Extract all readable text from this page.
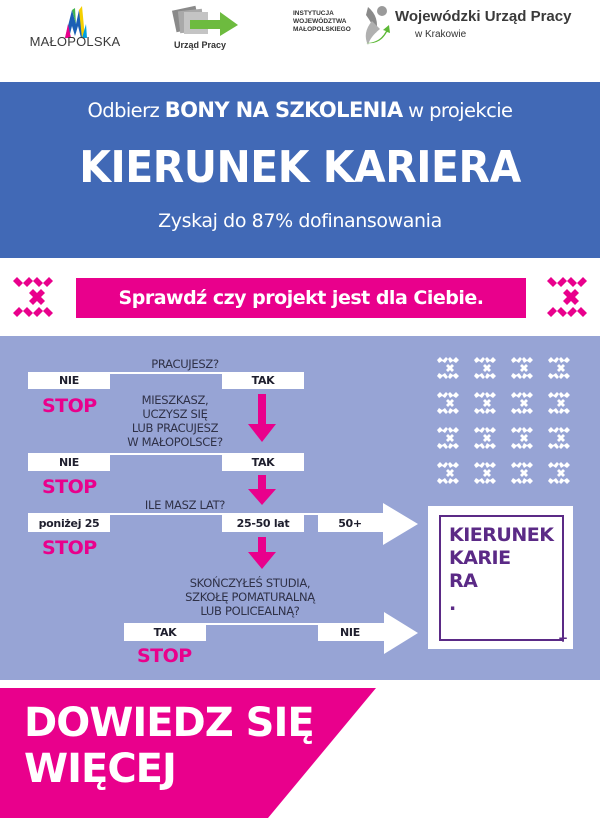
MAŁOPOLSKA	Urząd Pracy
INSTYTUCJA
WOJEWÓDZTWA
MAŁOPOLSKIEGO
Wojewódzki Urząd Pracy
w Krakowie
Odbierz BONY NA SZKOLENIA w projekcie
KIERUNEK KARIERA
Zyskaj do 87% dofinansowania
Sprawdź czy projekt jest dla Ciebie.
PRACUJESZ?
NIE	TAK
STOP	MIESZKASZ,
UCZYSZ SIĘ
LUB PRACUJESZ
W MAŁOPOLSCE?
NIE	TAK
STOP
ILE MASZ LAT?
poniżej 25	25-50 lat	50+
STOP
SKOŃCZYŁEŚ STUDIA,
SZKOŁĘ POMATURALNĄ
LUB POLICEALNĄ?
TAK	NIE
STOP
KIERUNEK
KARIE
RA
.
+
DOWIEDZ SIĘ
WIĘCEJ
